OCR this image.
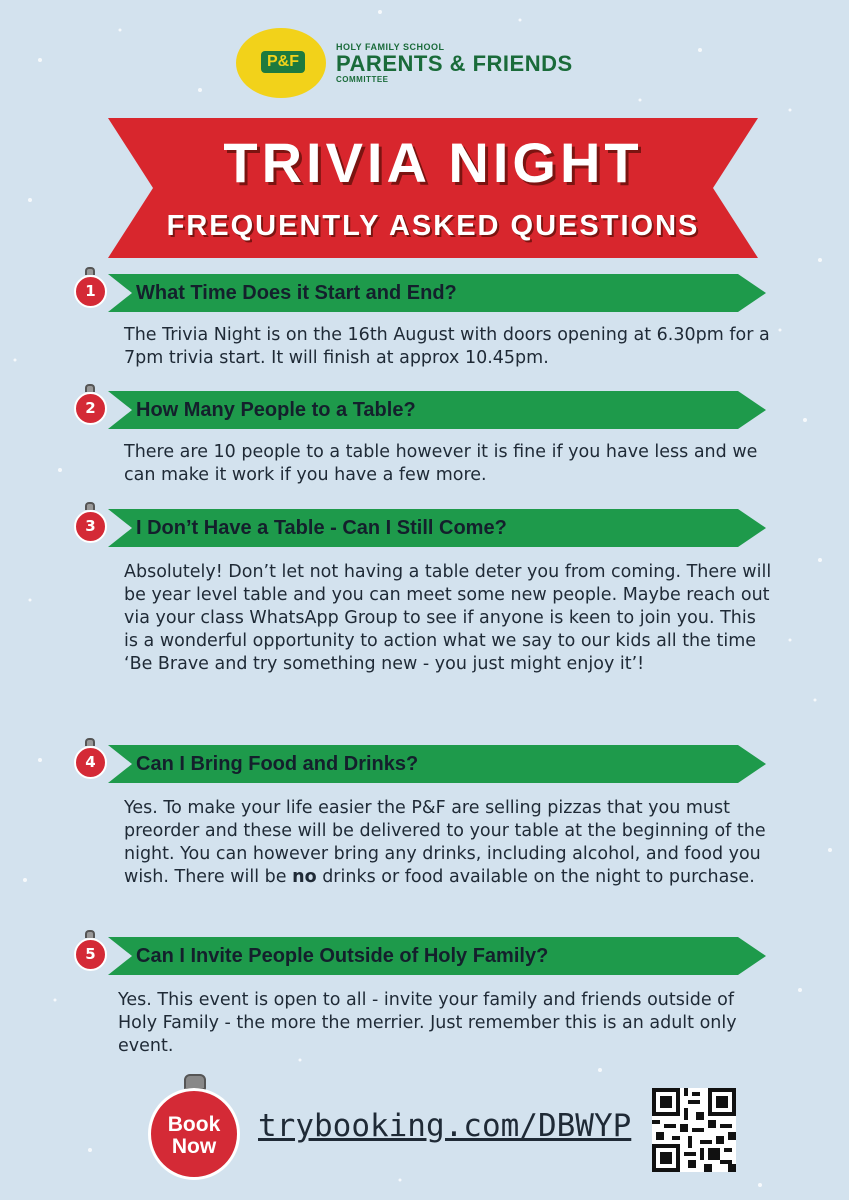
P&F
HOLY FAMILY SCHOOL
PARENTS & FRIENDS
COMMITTEE
TRIVIA NIGHT
FREQUENTLY ASKED QUESTIONS
1	What Time Does it Start and End?

The Trivia Night is on the 16th August with doors opening at 6.30pm for a 7pm trivia start. It will finish at approx 10.45pm.

2	How Many People to a Table?

There are 10 people to a table however it is fine if you have less and we can make it work if you have a few more.

3	I Don’t Have a Table - Can I Still Come?

Absolutely! Don’t let not having a table deter you from coming. There will be year level table and you can meet some new people. Maybe reach out via your class WhatsApp Group to see if anyone is keen to join you. This is a wonderful opportunity to action what we say to our kids all the time ‘Be Brave and try something new - you just might enjoy it’!

4	Can I Bring Food and Drinks?

Yes. To make your life easier the P&F are selling pizzas that you must preorder and these will be delivered to your table at the beginning of the night. You can however bring any drinks, including alcohol, and food you wish. There will be no drinks or food available on the night to purchase.

5	Can I Invite People Outside of Holy Family?

Yes. This event is open to all - invite your family and friends outside of Holy Family - the more the merrier. Just remember this is an adult only event.

Book
Now
trybooking.com/DBWYP
